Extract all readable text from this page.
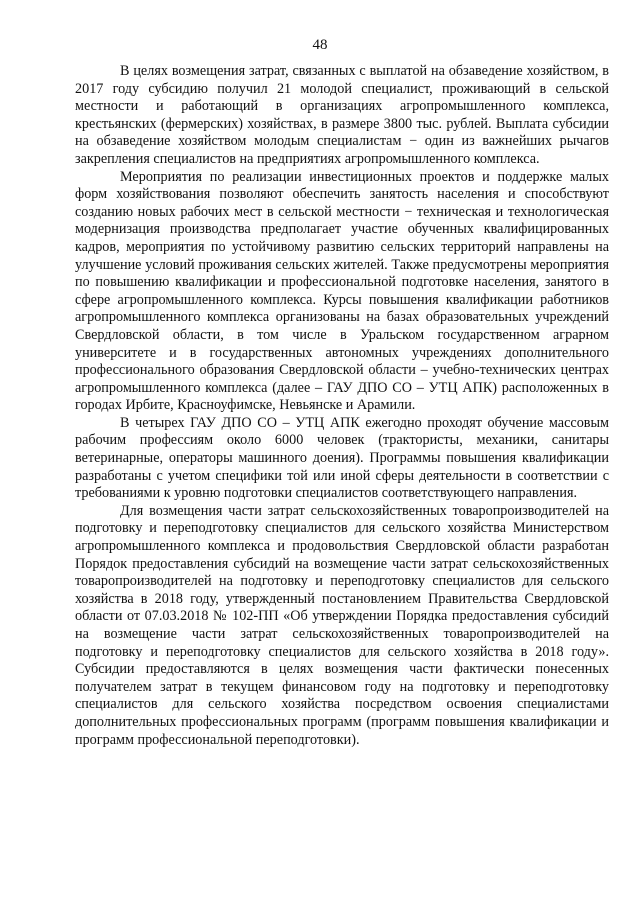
48

В целях возмещения затрат, связанных с выплатой на обзаведение хозяйством, в 2017 году субсидию получил 21 молодой специалист, проживающий в сельской местности и работающий в организациях агропромышленного комплекса, крестьянских (фермерских) хозяйствах, в размере 3800 тыс. рублей. Выплата субсидии на обзаведение хозяйством молодым специалистам − один из важнейших рычагов закрепления специалистов на предприятиях агропромышленного комплекса.

Мероприятия по реализации инвестиционных проектов и поддержке малых форм хозяйствования позволяют обеспечить занятость населения и способствуют созданию новых рабочих мест в сельской местности − техническая и технологическая модернизация производства предполагает участие обученных квалифицированных кадров, мероприятия по устойчивому развитию сельских территорий направлены на улучшение условий проживания сельских жителей. Также предусмотрены мероприятия по повышению квалификации и профессиональной подготовке населения, занятого в сфере агропромышленного комплекса. Курсы повышения квалификации работников агропромышленного комплекса организованы на базах образовательных учреждений Свердловской области, в том числе в Уральском государственном аграрном университете и в государственных автономных учреждениях дополнительного профессионального образования Свердловской области – учебно-технических центрах агропромышленного комплекса (далее – ГАУ ДПО СО – УТЦ АПК) расположенных в городах Ирбите, Красноуфимске, Невьянске и Арамили.

В четырех ГАУ ДПО СО – УТЦ АПК ежегодно проходят обучение массовым рабочим профессиям около 6000 человек (трактористы, механики, санитары ветеринарные, операторы машинного доения). Программы повышения квалификации разработаны с учетом специфики той или иной сферы деятельности в соответствии с требованиями к уровню подготовки специалистов соответствующего направления.

Для возмещения части затрат сельскохозяйственных товаропроизводителей на подготовку и переподготовку специалистов для сельского хозяйства Министерством агропромышленного комплекса и продовольствия Свердловской области разработан Порядок предоставления субсидий на возмещение части затрат сельскохозяйственных товаропроизводителей на подготовку и переподготовку специалистов для сельского хозяйства в 2018 году, утвержденный постановлением Правительства Свердловской области от 07.03.2018 № 102-ПП «Об утверждении Порядка предоставления субсидий на возмещение части затрат сельскохозяйственных товаропроизводителей на подготовку и переподготовку специалистов для сельского хозяйства в 2018 году». Субсидии предоставляются в целях возмещения части фактически понесенных получателем затрат в текущем финансовом году на подготовку и переподготовку специалистов для сельского хозяйства посредством освоения специалистами дополнительных профессиональных программ (программ повышения квалификации и программ профессиональной переподготовки).
